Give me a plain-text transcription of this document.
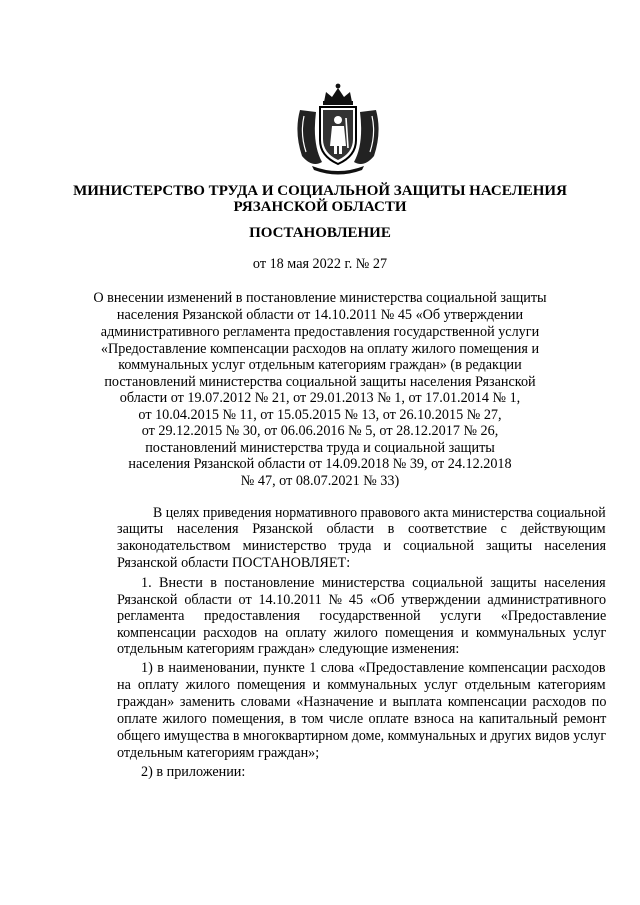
МИНИСТЕРСТВО ТРУДА И СОЦИАЛЬНОЙ ЗАЩИТЫ НАСЕЛЕНИЯ
РЯЗАНСКОЙ ОБЛАСТИ
ПОСТАНОВЛЕНИЕ
от 18 мая 2022 г. № 27
О внесении изменений в постановление министерства социальной защиты
населения Рязанской области от 14.10.2011 № 45 «Об утверждении
административного регламента предоставления государственной услуги
«Предоставление компенсации расходов на оплату жилого помещения и
коммунальных услуг отдельным категориям граждан» (в редакции
постановлений министерства социальной защиты населения Рязанской
области от 19.07.2012 № 21, от 29.01.2013 № 1, от 17.01.2014 № 1,
от 10.04.2015 № 11, от 15.05.2015 № 13, от 26.10.2015 № 27,
от 29.12.2015 № 30, от 06.06.2016 № 5, от 28.12.2017 № 26,
постановлений министерства труда и социальной защиты
населения Рязанской области от 14.09.2018 № 39, от 24.12.2018
№ 47, от 08.07.2021 № 33)
В целях приведения нормативного правового акта министерства социальной
защиты населения Рязанской области в соответствие с действующим
законодательством министерство труда и социальной защиты населения
Рязанской области ПОСТАНОВЛЯЕТ:
1. Внести в постановление министерства социальной защиты населения
Рязанской области от 14.10.2011 № 45 «Об утверждении административного
регламента предоставления государственной услуги «Предоставление
компенсации расходов на оплату жилого помещения и коммунальных услуг
отдельным категориям граждан» следующие изменения:
1) в наименовании, пункте 1 слова «Предоставление компенсации расходов
на оплату жилого помещения и коммунальных услуг отдельным категориям
граждан» заменить словами «Назначение и выплата компенсации расходов по
оплате жилого помещения, в том числе оплате взноса на капитальный ремонт
общего имущества в многоквартирном доме, коммунальных и других видов услуг
отдельным категориям граждан»;
2) в приложении:
